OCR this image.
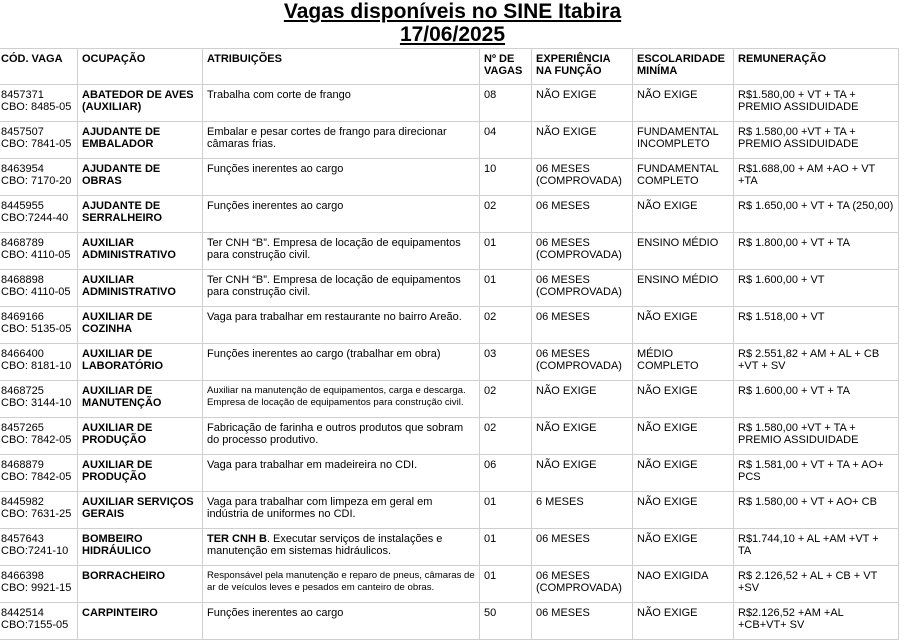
Vagas disponíveis no SINE Itabira
17/06/2025
CÓD. VAGA	OCUPAÇÃO	ATRIBUIÇÕES	Nº DE VAGAS	EXPERIÊNCIA NA FUNÇÃO	ESCOLARIDADE MINÍMA	REMUNERAÇÃO

8457371
CBO: 8485-05	ABATEDOR DE AVES (AUXILIAR)	Trabalha com corte de frango	08	NÃO EXIGE	NÃO EXIGE	R$1.580,00 + VT + TA + PREMIO ASSIDUIDADE

8457507
CBO: 7841-05	AJUDANTE DE EMBALADOR	Embalar e pesar cortes de frango para direcionar câmaras frias.	04	NÃO EXIGE	FUNDAMENTAL INCOMPLETO	R$ 1.580,00 +VT + TA + PREMIO ASSIDUIDADE

8463954
CBO: 7170-20	AJUDANTE DE OBRAS	Funções inerentes ao cargo	10	06 MESES (COMPROVADA)	FUNDAMENTAL COMPLETO	R$1.688,00 + AM +AO + VT +TA

8445955
CBO:7244-40	AJUDANTE DE SERRALHEIRO	Funções inerentes ao cargo	02	06 MESES	NÃO EXIGE	R$ 1.650,00 + VT + TA (250,00)

8468789
CBO: 4110-05	AUXILIAR ADMINISTRATIVO	Ter CNH “B”. Empresa de locação de equipamentos para construção civil.	01	06 MESES (COMPROVADA)	ENSINO MÉDIO	R$ 1.800,00 + VT + TA

8468898
CBO: 4110-05	AUXILIAR ADMINISTRATIVO	Ter CNH “B”. Empresa de locação de equipamentos para construção civil.	01	06 MESES (COMPROVADA)	ENSINO MÉDIO	R$ 1.600,00 + VT

8469166
CBO: 5135-05	AUXILIAR DE COZINHA	Vaga para trabalhar em restaurante no bairro Areão.	02	06 MESES	NÃO EXIGE	R$ 1.518,00 + VT

8466400
CBO: 8181-10	AUXILIAR DE LABORATÓRIO	Funções inerentes ao cargo (trabalhar em obra)	03	06 MESES (COMPROVADA)	MÉDIO COMPLETO	R$ 2.551,82 + AM + AL + CB +VT + SV

8468725
CBO: 3144-10	AUXILIAR DE MANUTENÇÃO	Auxiliar na manutenção de equipamentos, carga e descarga. Empresa de locação de equipamentos para construção civil.	02	NÃO EXIGE	NÃO EXIGE	R$ 1.600,00 + VT + TA

8457265
CBO: 7842-05	AUXILIAR DE PRODUÇÃO	Fabricação de farinha e outros produtos que sobram do processo produtivo.	02	NÃO EXIGE	NÃO EXIGE	R$ 1.580,00 +VT + TA + PREMIO ASSIDUIDADE

8468879
CBO: 7842-05	AUXILIAR DE PRODUÇÃO	Vaga para trabalhar em madeireira no CDI.	06	NÃO EXIGE	NÃO EXIGE	R$ 1.581,00 + VT + TA + AO+ PCS

8445982
CBO: 7631-25	AUXILIAR SERVIÇOS GERAIS	Vaga para trabalhar com limpeza em geral em indústria de uniformes no CDI.	01	6 MESES	NÃO EXIGE	R$ 1.580,00 + VT + AO+ CB

8457643
CBO:7241-10	BOMBEIRO HIDRÁULICO	TER CNH B. Executar serviços de instalações e manutenção em sistemas hidráulicos.	01	06 MESES	NÃO EXIGE	R$1.744,10 + AL +AM +VT + TA

8466398
CBO: 9921-15	BORRACHEIRO	Responsável pela manutenção e reparo de pneus, câmaras de ar de veículos leves e pesados em canteiro de obras.	01	06 MESES (COMPROVADA)	NAO EXIGIDA	R$ 2.126,52 + AL + CB + VT +SV

8442514
CBO:7155-05	CARPINTEIRO	Funções inerentes ao cargo	50	06 MESES	NÃO EXIGE	R$2.126,52 +AM +AL +CB+VT+ SV
